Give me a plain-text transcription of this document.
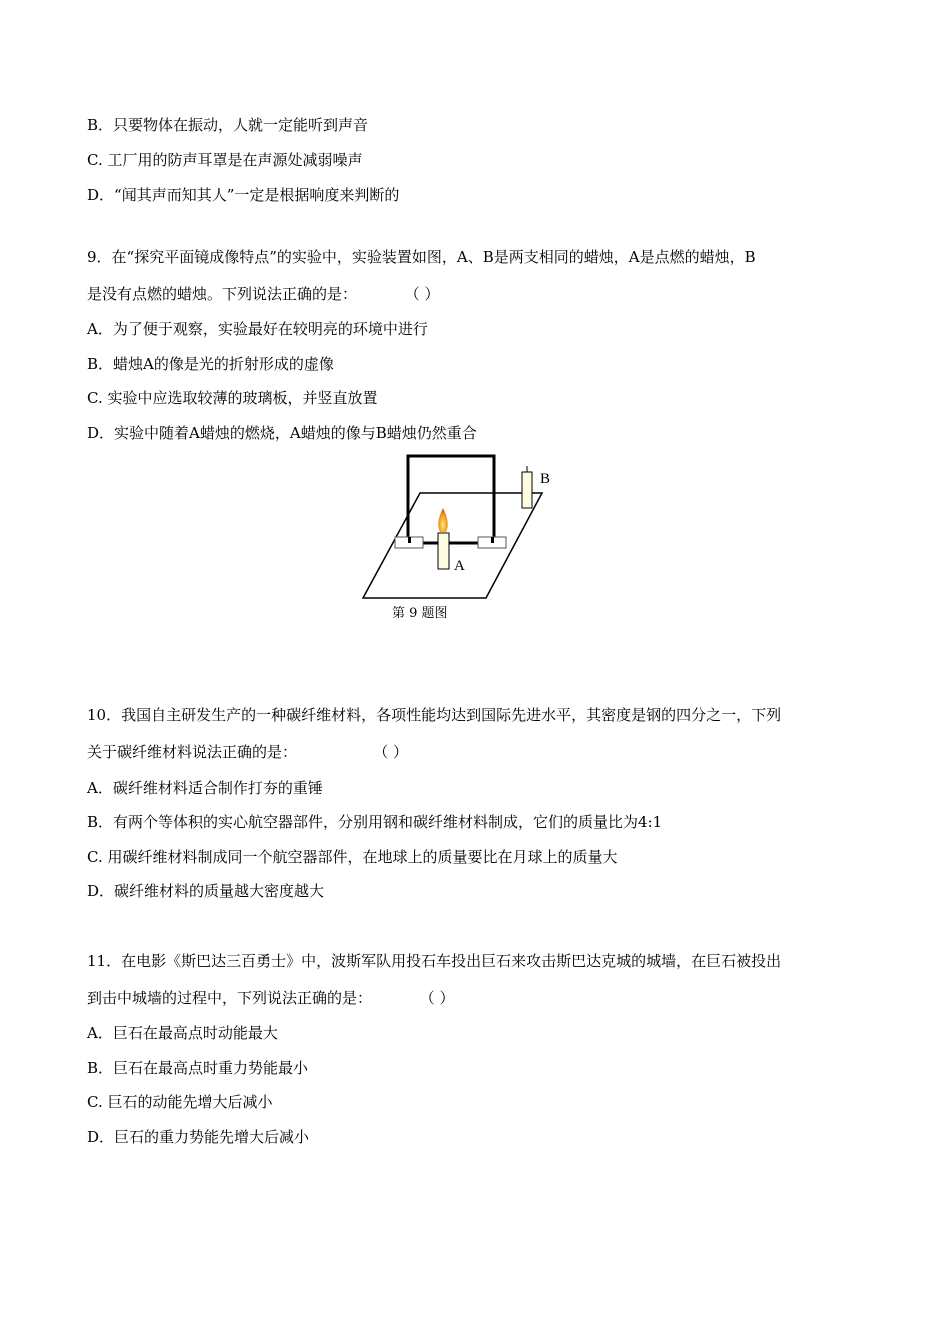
B．只要物体在振动，人就一定能听到声音
C. 工厂用的防声耳罩是在声源处减弱噪声
D．“闻其声而知其人”一定是根据响度来判断的
9．在“探究平面镜成像特点”的实验中，实验装置如图，A、B是两支相同的蜡烛，A是点燃的蜡烛，B
是没有点燃的蜡烛。下列说法正确的是：          （ ）
A．为了便于观察，实验最好在较明亮的环境中进行
B．蜡烛A的像是光的折射形成的虚像
C. 实验中应选取较薄的玻璃板，并竖直放置
D．实验中随着A蜡烛的燃烧，A蜡烛的像与B蜡烛仍然重合
A
B
第 9 题图
10．我国自主研发生产的一种碳纤维材料，各项性能均达到国际先进水平，其密度是钢的四分之一，下列
关于碳纤维材料说法正确的是：                （ ）
A．碳纤维材料适合制作打夯的重锤
B．有两个等体积的实心航空器部件，分别用钢和碳纤维材料制成，它们的质量比为4:1
C. 用碳纤维材料制成同一个航空器部件，在地球上的质量要比在月球上的质量大
D．碳纤维材料的质量越大密度越大
11．在电影《斯巴达三百勇士》中，波斯军队用投石车投出巨石来攻击斯巴达克城的城墙，在巨石被投出
到击中城墙的过程中，下列说法正确的是：          （ ）
A．巨石在最高点时动能最大
B．巨石在最高点时重力势能最小
C. 巨石的动能先增大后减小
D．巨石的重力势能先增大后减小
